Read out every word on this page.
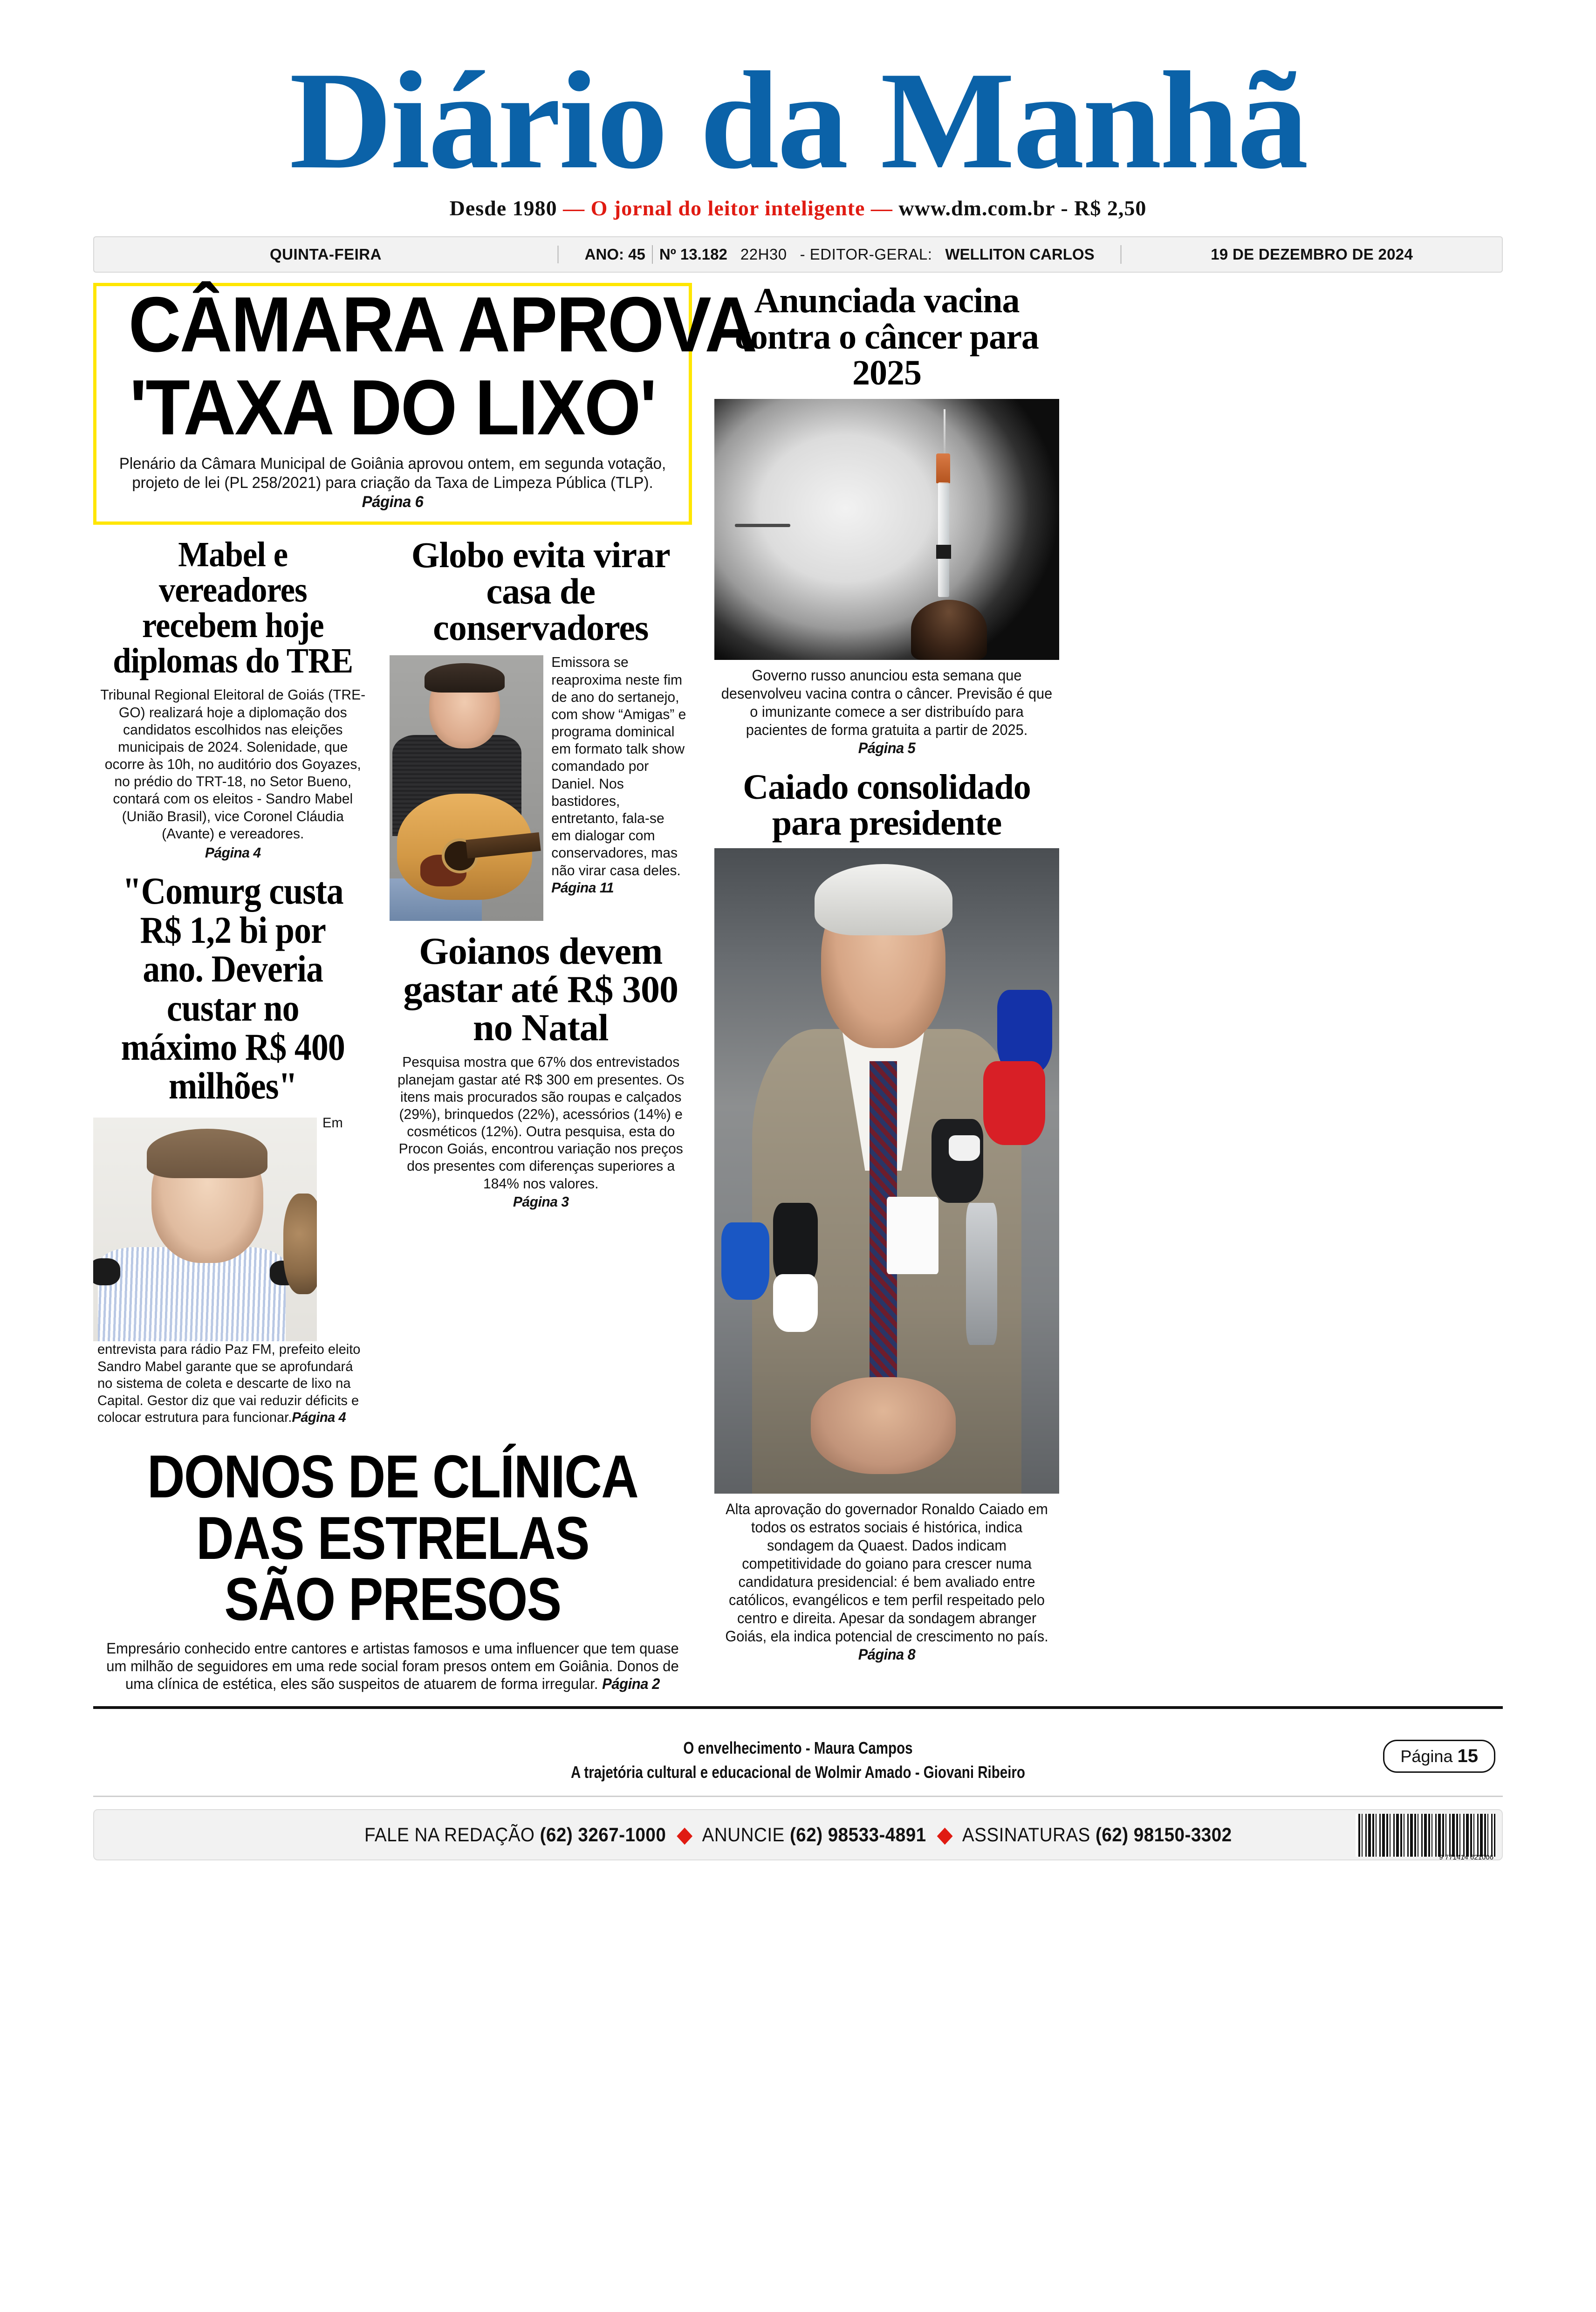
Diário da Manhã
Desde 1980 — O jornal do leitor inteligente — www.dm.com.br - R$ 2,50
QUINTA-FEIRA	ANO: 45 Nº 13.182 22H30 - EDITOR-GERAL: WELLITON CARLOS	19 DE DEZEMBRO DE 2024
CÂMARA APROVA
'TAXA DO LIXO'
Plenário da Câmara Municipal de Goiânia aprovou ontem, em segunda votação, projeto de lei (PL 258/2021) para criação da Taxa de Limpeza Pública (TLP). Página 6
Mabel e vereadores recebem hoje diplomas do TRE
Tribunal Regional Eleitoral de Goiás (TRE-GO) realizará hoje a diplomação dos candidatos escolhidos nas eleições municipais de 2024. Solenidade, que ocorre às 10h, no auditório dos Goyazes, no prédio do TRT-18, no Setor Bueno, contará com os eleitos - Sandro Mabel (União Brasil), vice Coronel Cláudia (Avante) e vereadores.
Página 4
"Comurg custa R$ 1,2 bi por ano. Deveria custar no máximo R$ 400 milhões"
Em entrevista para rádio Paz FM, prefeito eleito Sandro Mabel garante que se aprofundará no sistema de coleta e descarte de lixo na Capital. Gestor diz que vai reduzir déficits e colocar estrutura para funcionar.Página 4
Globo evita virar casa de conservadores
Emissora se reaproxima neste fim de ano do sertanejo, com show “Amigas” e programa dominical em formato talk show comandado por Daniel. Nos bastidores, entretanto, fala-se em dialogar com conservadores, mas não virar casa deles.
Página 11
Goianos devem gastar até R$ 300 no Natal
Pesquisa mostra que 67% dos entrevistados planejam gastar até R$ 300 em presentes. Os itens mais procurados são roupas e calçados (29%), brinquedos (22%), acessórios (14%) e cosméticos (12%). Outra pesquisa, esta do Procon Goiás, encontrou variação nos preços dos presentes com diferenças superiores a 184% nos valores.
Página 3
DONOS DE CLÍNICA
DAS ESTRELAS
SÃO PRESOS
Empresário conhecido entre cantores e artistas famosos e uma influencer que tem quase um milhão de seguidores em uma rede social foram presos ontem em Goiânia. Donos de uma clínica de estética, eles são suspeitos de atuarem de forma irregular. Página 2
Anunciada vacina contra o câncer para 2025
Governo russo anunciou esta semana que desenvolveu vacina contra o câncer. Previsão é que o imunizante comece a ser distribuído para pacientes de forma gratuita a partir de 2025. Página 5
Caiado consolidado para presidente
Alta aprovação do governador Ronaldo Caiado em todos os estratos sociais é histórica, indica sondagem da Quaest. Dados indicam competitividade do goiano para crescer numa candidatura presidencial: é bem avaliado entre católicos, evangélicos e tem perfil respeitado pelo centro e direita. Apesar da sondagem abranger Goiás, ela indica potencial de crescimento no país. Página 8
O envelhecimento - Maura Campos
A trajetória cultural e educacional de Wolmir Amado - Giovani Ribeiro
Página 15
FALE NA REDAÇÃO (62) 3267-1000 ANUNCIE (62) 98533-4891 ASSINATURAS (62) 98150-3302
9 771414 621006
